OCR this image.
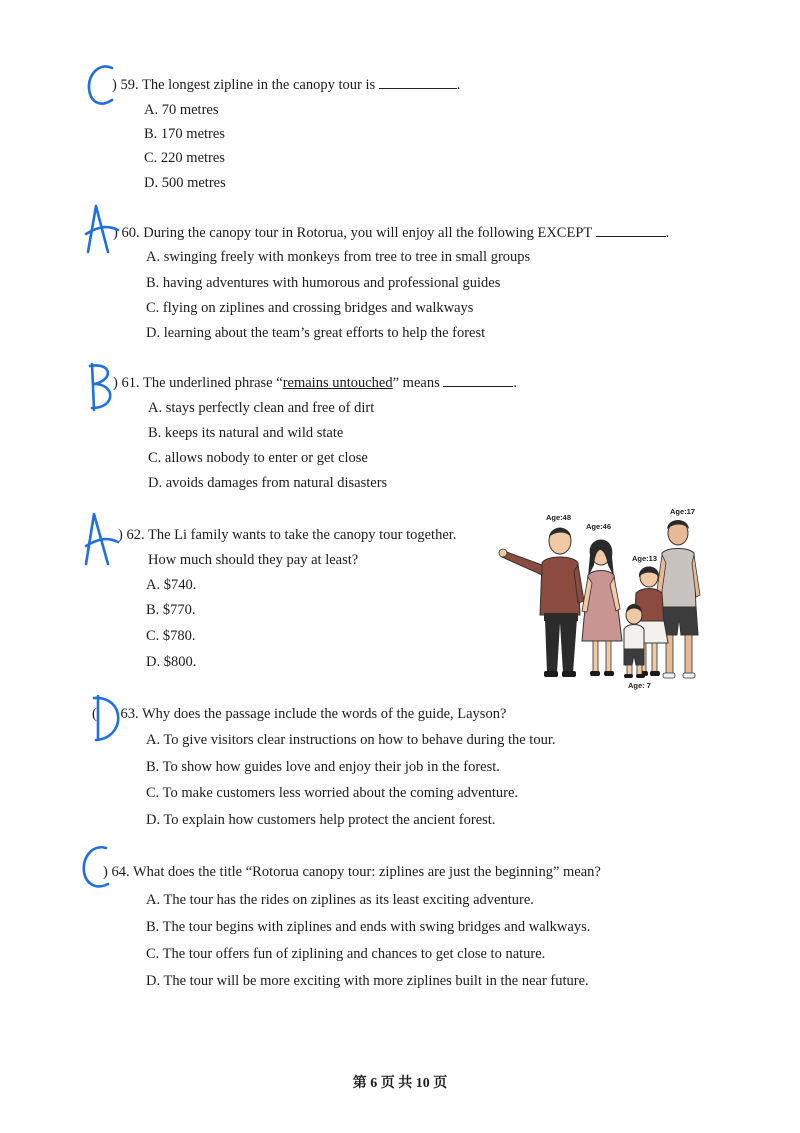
) 59. The longest zipline in the canopy tour is	.
A. 70 metres
B. 170 metres
C. 220 metres
D. 500 metres
) 60. During the canopy tour in Rotorua, you will enjoy all the following EXCEPT	.
A. swinging freely with monkeys from tree to tree in small groups
B. having adventures with humorous and professional guides
C. flying on ziplines and crossing bridges and walkways
D. learning about the team’s great efforts to help the forest
) 61. The underlined phrase “remains untouched” means	.
A. stays perfectly clean and free of dirt
B. keeps its natural and wild state
C. allows nobody to enter or get close
D. avoids damages from natural disasters
) 62. The Li family wants to take the canopy tour together.
How much should they pay at least?
A. $740.
B. $770.
C. $780.
D. $800.
( 63. Why does the passage include the words of the guide, Layson?
A. To give visitors clear instructions on how to behave during the tour.
B. To show how guides love and enjoy their job in the forest.
C. To make customers less worried about the coming adventure.
D. To explain how customers help protect the ancient forest.
) 64. What does the title “Rotorua canopy tour: ziplines are just the beginning” mean?
A. The tour has the rides on ziplines as its least exciting adventure.
B. The tour begins with ziplines and ends with swing bridges and walkways.
C. The tour offers fun of ziplining and chances to get close to nature.
D. The tour will be more exciting with more ziplines built in the near future.
Age:48
Age:46
Age:17
Age:13
Age: 7
第 6 页 共 10 页
